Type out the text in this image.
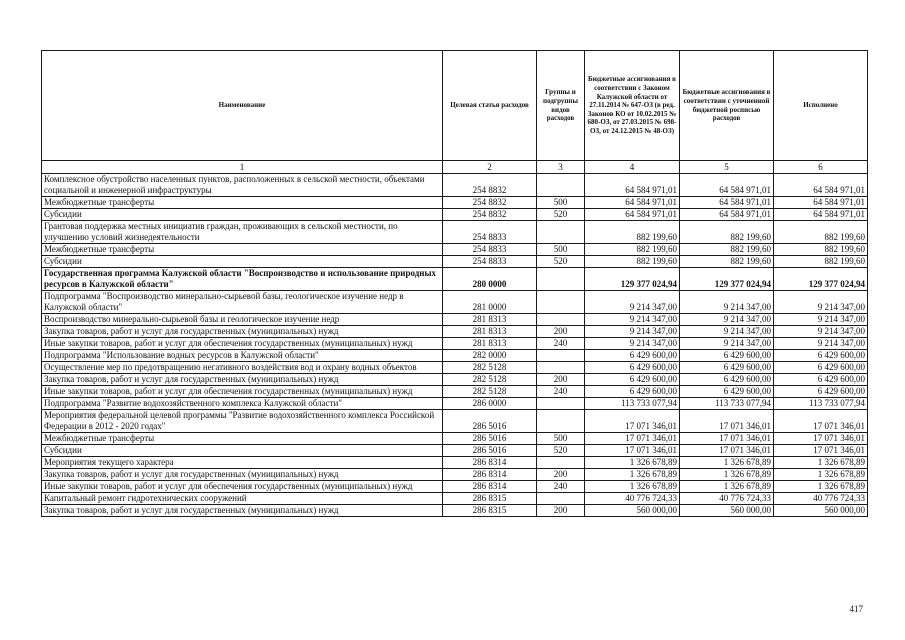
Наименование	Целевая статья расходов	Группы и подгруппы видов расходов	Бюджетные ассигнования в соответствии с Законом Калужской области от 27.11.2014 № 647-ОЗ (в ред. Законов КО от 10.02.2015 № 680-ОЗ, от 27.03.2015 № 698-ОЗ, от 24.12.2015 № 48-ОЗ)	Бюджетные ассигнования в соответствии с уточненной бюджетной росписью расходов	Исполнено
1	2	3	4	5	6
Комплексное обустройство населенных пунктов, расположенных в сельской местности, объектами социальной и инженерной инфраструктуры	254 8832		64 584 971,01	64 584 971,01	64 584 971,01
Межбюджетные трансферты	254 8832	500	64 584 971,01	64 584 971,01	64 584 971,01
Субсидии	254 8832	520	64 584 971,01	64 584 971,01	64 584 971,01
Грантовая поддержка местных инициатив граждан, проживающих в сельской местности, по улучшению условий жизнедеятельности	254 8833		882 199,60	882 199,60	882 199,60
Межбюджетные трансферты	254 8833	500	882 199,60	882 199,60	882 199,60
Субсидии	254 8833	520	882 199,60	882 199,60	882 199,60
Государственная программа Калужской области "Воспроизводство и использование природных ресурсов в Калужской области"	280 0000		129 377 024,94	129 377 024,94	129 377 024,94
Подпрограмма "Воспроизводство минерально-сырьевой базы, геологическое изучение недр в Калужской области"	281 0000		9 214 347,00	9 214 347,00	9 214 347,00
Воспроизводство минерально-сырьевой базы и геологическое изучение недр	281 8313		9 214 347,00	9 214 347,00	9 214 347,00
Закупка товаров, работ и услуг для государственных (муниципальных) нужд	281 8313	200	9 214 347,00	9 214 347,00	9 214 347,00
Иные закупки товаров, работ и услуг для обеспечения государственных (муниципальных) нужд	281 8313	240	9 214 347,00	9 214 347,00	9 214 347,00
Подпрограмма "Использование водных ресурсов в Калужской области"	282 0000		6 429 600,00	6 429 600,00	6 429 600,00
Осуществление мер по предотвращению негативного воздействия вод и охрану водных объектов	282 5128		6 429 600,00	6 429 600,00	6 429 600,00
Закупка товаров, работ и услуг для государственных (муниципальных) нужд	282 5128	200	6 429 600,00	6 429 600,00	6 429 600,00
Иные закупки товаров, работ и услуг для обеспечения государственных (муниципальных) нужд	282 5128	240	6 429 600,00	6 429 600,00	6 429 600,00
Подпрограмма "Развитие водохозяйственного комплекса Калужской области"	286 0000		113 733 077,94	113 733 077,94	113 733 077,94
Мероприятия федеральной целевой программы "Развитие водохозяйственного комплекса Российской Федерации в 2012 - 2020 годах"	286 5016		17 071 346,01	17 071 346,01	17 071 346,01
Межбюджетные трансферты	286 5016	500	17 071 346,01	17 071 346,01	17 071 346,01
Субсидии	286 5016	520	17 071 346,01	17 071 346,01	17 071 346,01
Мероприятия текущего характера	286 8314		1 326 678,89	1 326 678,89	1 326 678,89
Закупка товаров, работ и услуг для государственных (муниципальных) нужд	286 8314	200	1 326 678,89	1 326 678,89	1 326 678,89
Иные закупки товаров, работ и услуг для обеспечения государственных (муниципальных) нужд	286 8314	240	1 326 678,89	1 326 678,89	1 326 678,89
Капитальный ремонт гидротехнических сооружений	286 8315		40 776 724,33	40 776 724,33	40 776 724,33
Закупка товаров, работ и услуг для государственных (муниципальных) нужд	286 8315	200	560 000,00	560 000,00	560 000,00
417
